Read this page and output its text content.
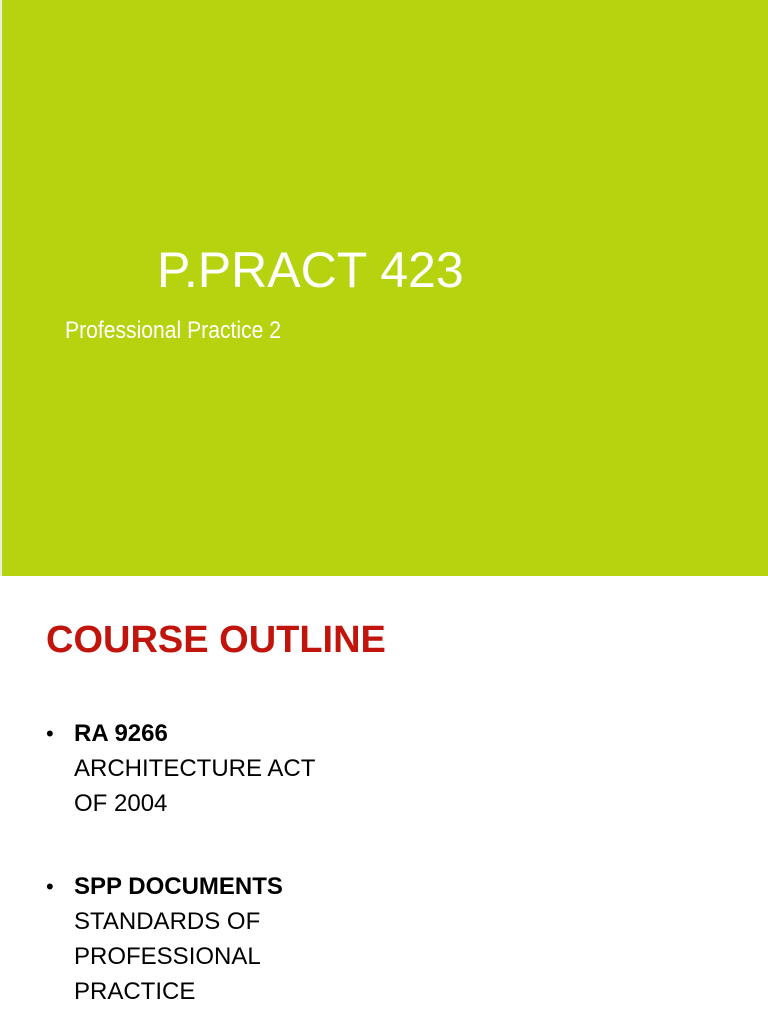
P.PRACT 423
Professional Practice 2
COURSE OUTLINE
• RA 9266
ARCHITECTURE ACT
OF 2004
• SPP DOCUMENTS
STANDARDS OF
PROFESSIONAL
PRACTICE
